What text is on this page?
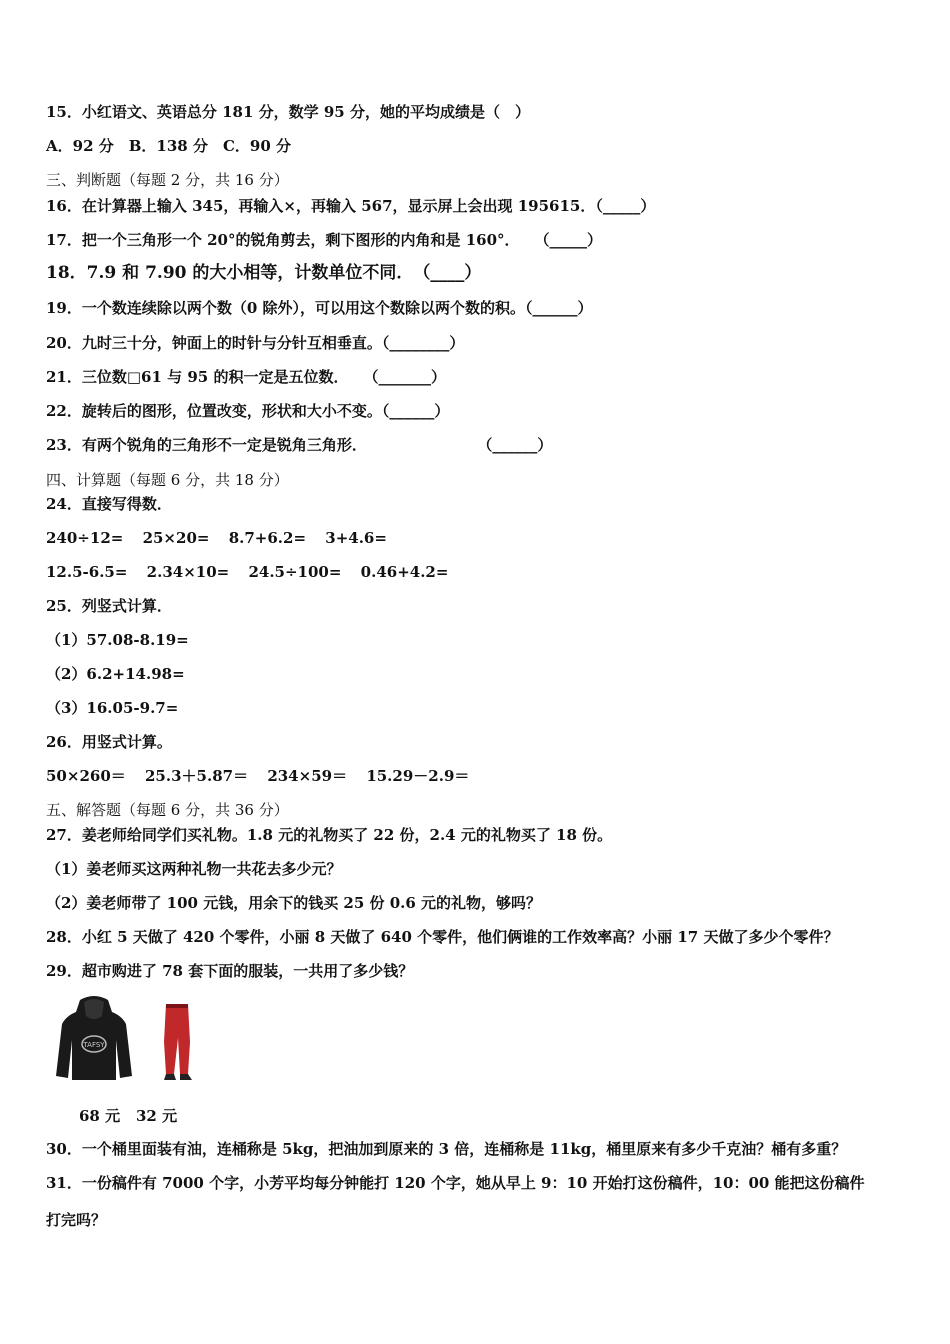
15．小红语文、英语总分 181 分，数学 95 分，她的平均成绩是（　）
A．92 分　B．138 分　C．90 分
三、判断题（每题 2 分，共 16 分）
16．在计算器上输入 345，再输入×，再输入 567，显示屏上会出现 195615．（_____）
17．把一个三角形一个 20°的锐角剪去，剩下图形的内角和是 160°．　　（_____）
18．7.9 和 7.90 的大小相等，计数单位不同．　（____）
19．一个数连续除以两个数（0 除外），可以用这个数除以两个数的积。（______）
20．九时三十分，钟面上的时针与分针互相垂直。（________）
21．三位数□61 与 95 的积一定是五位数．　　（_______）
22．旋转后的图形，位置改变，形状和大小不变。（______）
23．有两个锐角的三角形不一定是锐角三角形．	（______）
四、计算题（每题 6 分，共 18 分）
24．直接写得数．
240÷12= 25×20= 8.7+6.2= 3+4.6=
12.5-6.5= 2.34×10= 24.5÷100= 0.46+4.2=
25．列竖式计算．
（1）57.08-8.19=
（2）6.2+14.98=
（3）16.05-9.7=
26．用竖式计算。
50×260＝ 25.3＋5.87＝ 234×59＝ 15.29－2.9＝
五、解答题（每题 6 分，共 36 分）
27．姜老师给同学们买礼物。1.8 元的礼物买了 22 份，2.4 元的礼物买了 18 份。
（1）姜老师买这两种礼物一共花去多少元？
（2）姜老师带了 100 元钱，用余下的钱买 25 份 0.6 元的礼物，够吗？
28．小红 5 天做了 420 个零件，小丽 8 天做了 640 个零件，他们俩谁的工作效率高？小丽 17 天做了多少个零件？
29．超市购进了 78 套下面的服装，一共用了多少钱？
TAFSY
68 元 32 元
30．一个桶里面装有油，连桶称是 5kg，把油加到原来的 3 倍，连桶称是 11kg，桶里原来有多少千克油？桶有多重？
31．一份稿件有 7000 个字，小芳平均每分钟能打 120 个字，她从早上 9：10 开始打这份稿件，10：00 能把这份稿件
打完吗？
